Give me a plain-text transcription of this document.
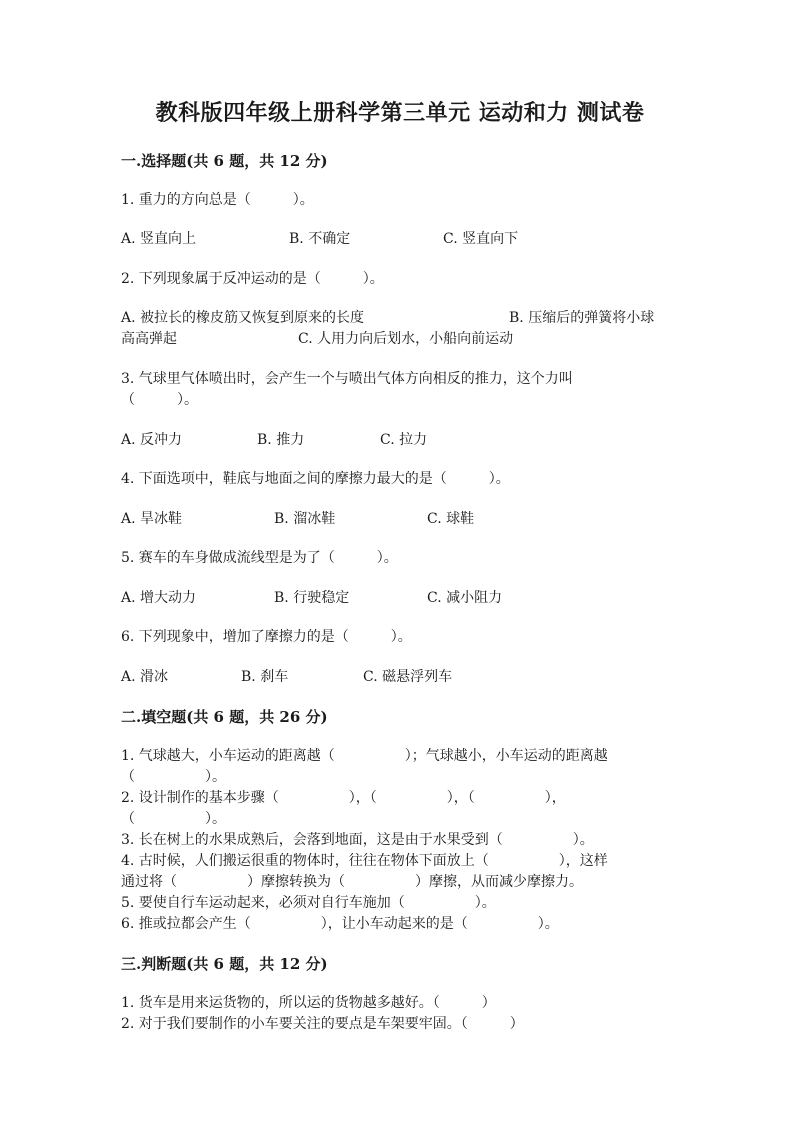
教科版四年级上册科学第三单元 运动和力 测试卷
一.选择题(共 6 题，共 12 分)
1. 重力的方向总是（　　　）。
A. 竖直向上	B. 不确定	C. 竖直向下
2. 下列现象属于反冲运动的是（　　　）。
A. 被拉长的橡皮筋又恢复到原来的长度	B. 压缩后的弹簧将小球
高高弹起	C. 人用力向后划水，小船向前运动
3. 气球里气体喷出时，会产生一个与喷出气体方向相反的推力，这个力叫
（　　　）。
A. 反冲力	B. 推力	C. 拉力
4. 下面选项中，鞋底与地面之间的摩擦力最大的是（　　　）。
A. 旱冰鞋	B. 溜冰鞋	C. 球鞋
5. 赛车的车身做成流线型是为了（　　　）。
A. 增大动力	B. 行驶稳定	C. 减小阻力
6. 下列现象中，增加了摩擦力的是（　　　）。
A. 滑冰	B. 刹车	C. 磁悬浮列车
二.填空题(共 6 题，共 26 分)
1. 气球越大，小车运动的距离越（　　　　　）；气球越小，小车运动的距离越
（　　　　　）。
2. 设计制作的基本步骤（　　　　　），（　　　　　），（　　　　　），
（　　　　　）。
3. 长在树上的水果成熟后，会落到地面，这是由于水果受到（　　　　　）。
4. 古时候，人们搬运很重的物体时，往往在物体下面放上（　　　　　），这样
通过将（　　　　　）摩擦转换为（　　　　　）摩擦，从而减少摩擦力。
5. 要使自行车运动起来，必须对自行车施加（　　　　　）。
6. 推或拉都会产生（　　　　　），让小车动起来的是（　　　　　）。
三.判断题(共 6 题，共 12 分)
1. 货车是用来运货物的，所以运的货物越多越好。（　　　）
2. 对于我们要制作的小车要关注的要点是车架要牢固。（　　　）
